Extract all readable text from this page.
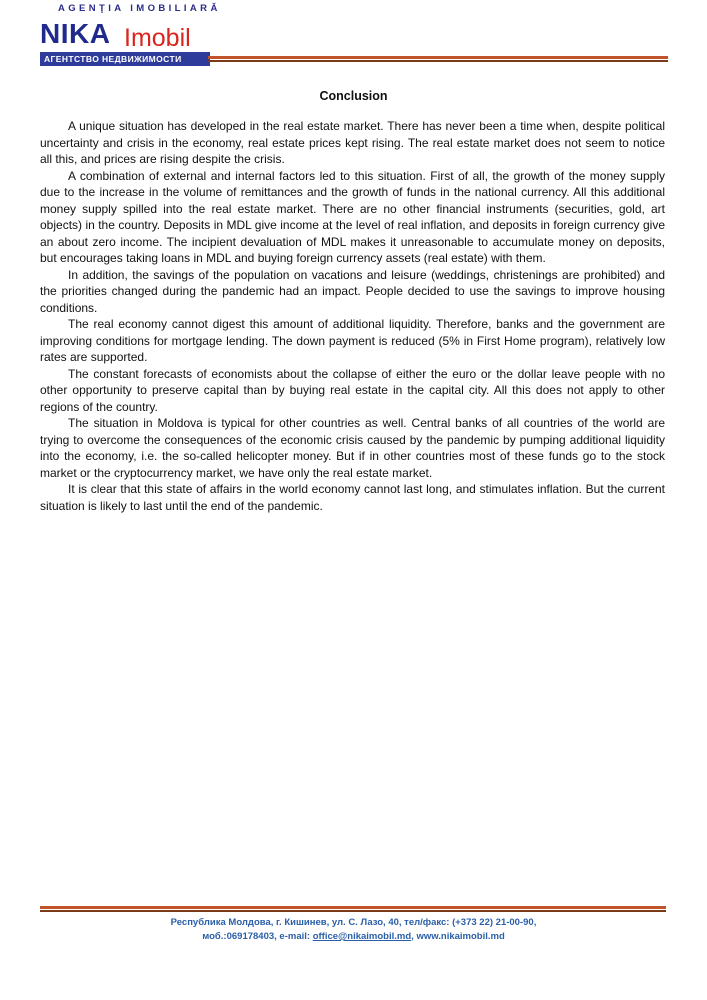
AGENŢIA IMOBILIARĂ
NIKA Imobil
АГЕНТСТВО НЕДВИЖИМОСТИ
Conclusion

A unique situation has developed in the real estate market. There has never been a time when, despite political uncertainty and crisis in the economy, real estate prices kept rising. The real estate market does not seem to notice all this, and prices are rising despite the crisis.

A combination of external and internal factors led to this situation. First of all, the growth of the money supply due to the increase in the volume of remittances and the growth of funds in the national currency. All this additional money supply spilled into the real estate market. There are no other financial instruments (securities, gold, art objects) in the country. Deposits in MDL give income at the level of real inflation, and deposits in foreign currency give an about zero income. The incipient devaluation of MDL makes it unreasonable to accumulate money on deposits, but encourages taking loans in MDL and buying foreign currency assets (real estate) with them.

In addition, the savings of the population on vacations and leisure (weddings, christenings are prohibited) and the priorities changed during the pandemic had an impact. People decided to use the savings to improve housing conditions.

The real economy cannot digest this amount of additional liquidity. Therefore, banks and the government are improving conditions for mortgage lending. The down payment is reduced (5% in First Home program), relatively low rates are supported.

The constant forecasts of economists about the collapse of either the euro or the dollar leave people with no other opportunity to preserve capital than by buying real estate in the capital city. All this does not apply to other regions of the country.

The situation in Moldova is typical for other countries as well. Central banks of all countries of the world are trying to overcome the consequences of the economic crisis caused by the pandemic by pumping additional liquidity into the economy, i.e. the so-called helicopter money. But if in other countries most of these funds go to the stock market or the cryptocurrency market, we have only the real estate market.

It is clear that this state of affairs in the world economy cannot last long, and stimulates inflation. But the current situation is likely to last until the end of the pandemic.

Республика Молдова, г. Кишинев, ул. С. Лазо, 40, тел/факс: (+373 22) 21-00-90,
моб.:069178403, e-mail: office@nikaimobil.md, www.nikaimobil.md
